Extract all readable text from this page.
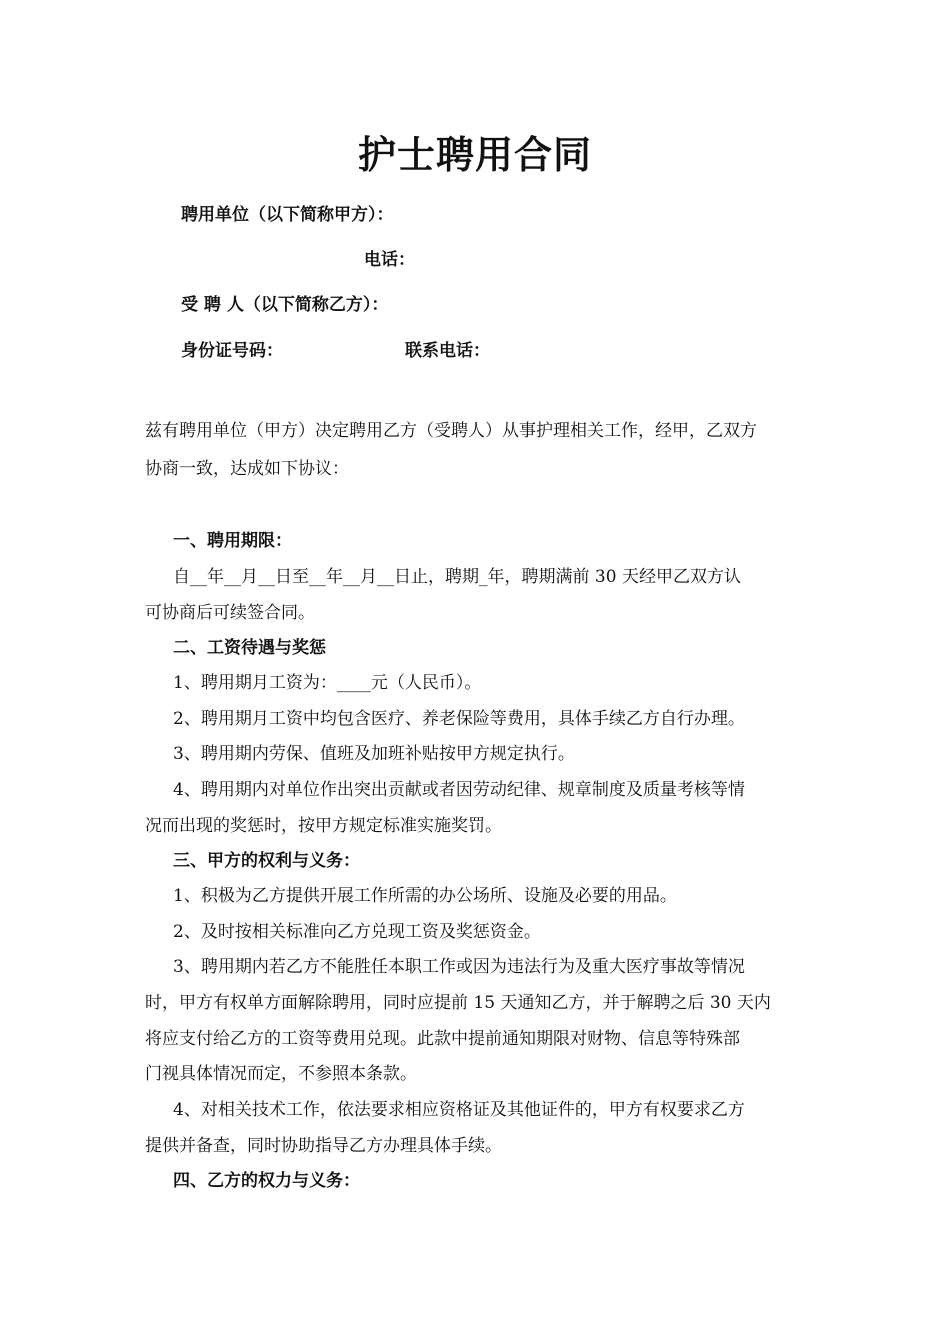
护士聘用合同
聘用单位（以下简称甲方）：
电话：
受 聘 人（以下简称乙方）：
身份证号码：	联系电话：
兹有聘用单位（甲方）决定聘用乙方（受聘人）从事护理相关工作，经甲，乙双方
协商一致，达成如下协议：
一、聘用期限：
自__年__月__日至__年__月__日止，聘期_年，聘期满前 30 天经甲乙双方认
可协商后可续签合同。
二、工资待遇与奖惩
1、聘用期月工资为：____元（人民币）。
2、聘用期月工资中均包含医疗、养老保险等费用，具体手续乙方自行办理。
3、聘用期内劳保、值班及加班补贴按甲方规定执行。
4、聘用期内对单位作出突出贡献或者因劳动纪律、规章制度及质量考核等情
况而出现的奖惩时，按甲方规定标准实施奖罚。
三、甲方的权利与义务：
1、积极为乙方提供开展工作所需的办公场所、设施及必要的用品。
2、及时按相关标准向乙方兑现工资及奖惩资金。
3、聘用期内若乙方不能胜任本职工作或因为违法行为及重大医疗事故等情况
时，甲方有权单方面解除聘用，同时应提前 15 天通知乙方，并于解聘之后 30 天内
将应支付给乙方的工资等费用兑现。此款中提前通知期限对财物、信息等特殊部
门视具体情况而定，不参照本条款。
4、对相关技术工作，依法要求相应资格证及其他证件的，甲方有权要求乙方
提供并备查，同时协助指导乙方办理具体手续。
四、乙方的权力与义务：
